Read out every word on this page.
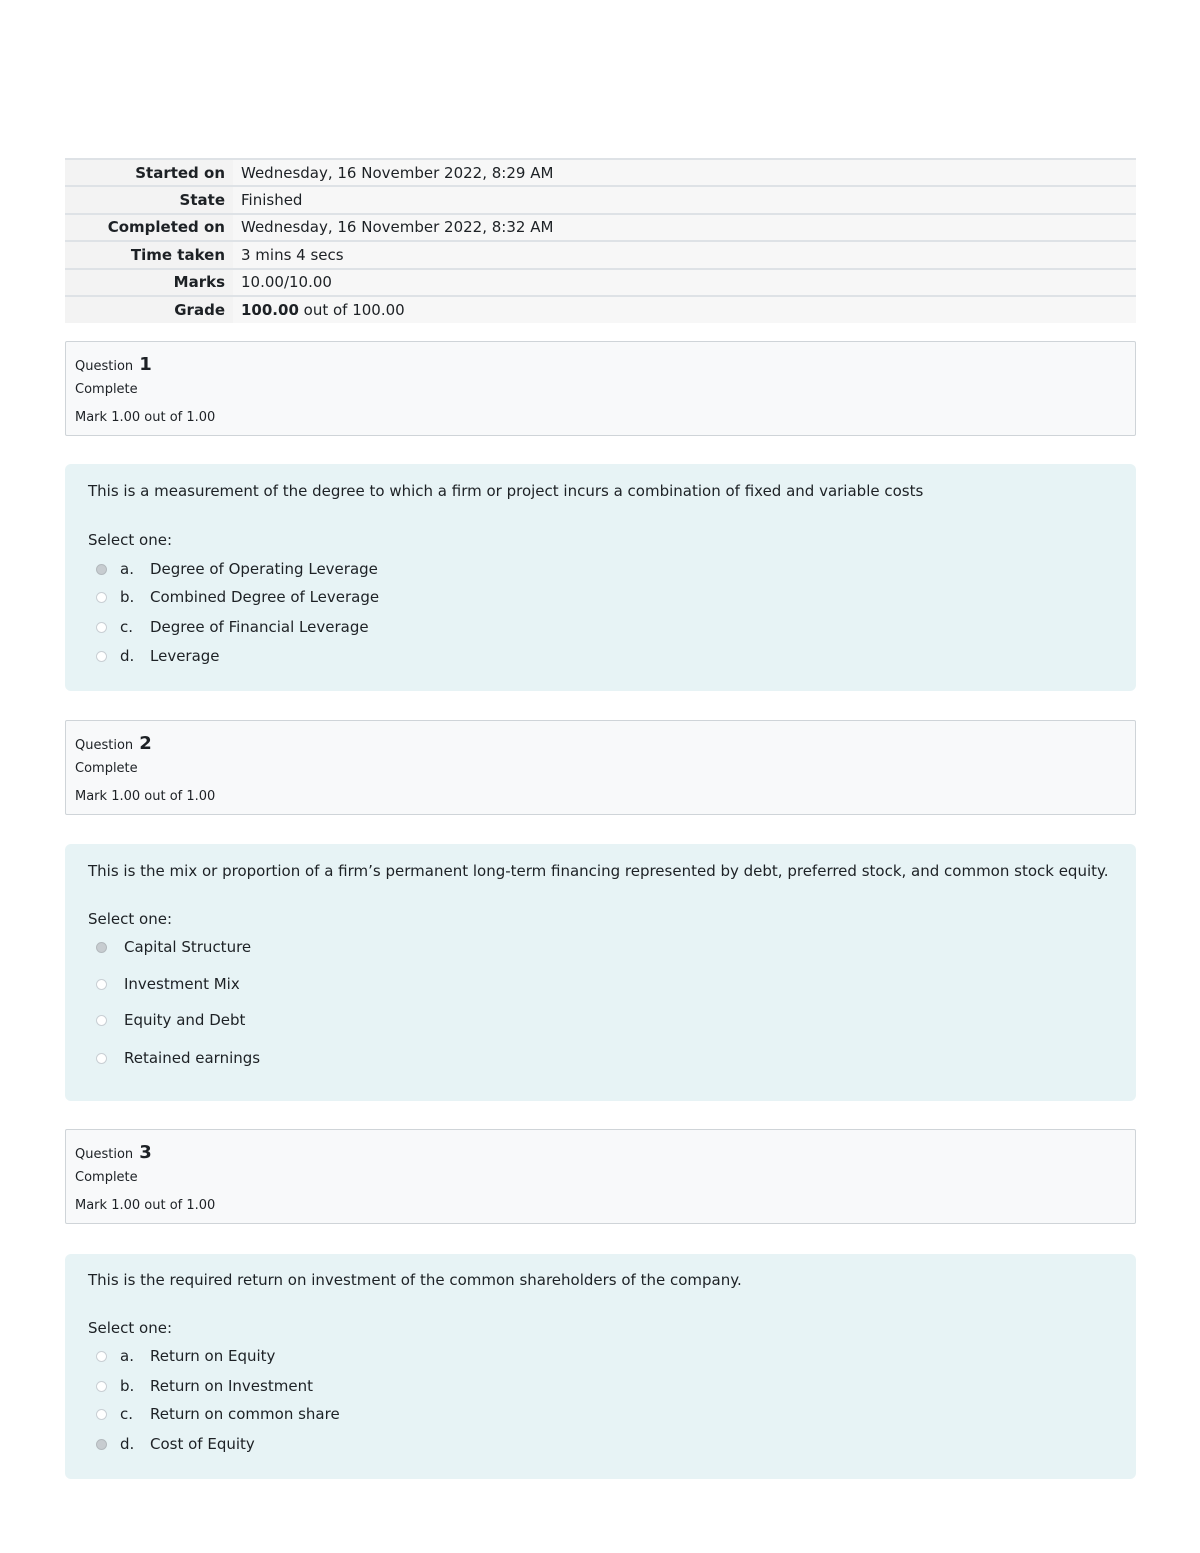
Started on	Wednesday, 16 November 2022, 8:29 AM
State	Finished
Completed on	Wednesday, 16 November 2022, 8:32 AM
Time taken	3 mins 4 secs
Marks	10.00/10.00
Grade	100.00 out of 100.00
Question 1
Complete
Mark 1.00 out of 1.00
This is a measurement of the degree to which a firm or project incurs a combination of fixed and variable costs
Select one:
a.	Degree of Operating Leverage
b.	Combined Degree of Leverage
c.	Degree of Financial Leverage
d.	Leverage
Question 2
Complete
Mark 1.00 out of 1.00
This is the mix or proportion of a firm’s permanent long-term financing represented by debt, preferred stock, and common stock equity.
Select one:
Capital Structure
Investment Mix
Equity and Debt
Retained earnings
Question 3
Complete
Mark 1.00 out of 1.00
This is the required return on investment of the common shareholders of the company.
Select one:
a.	Return on Equity
b.	Return on Investment
c.	Return on common share
d.	Cost of Equity
